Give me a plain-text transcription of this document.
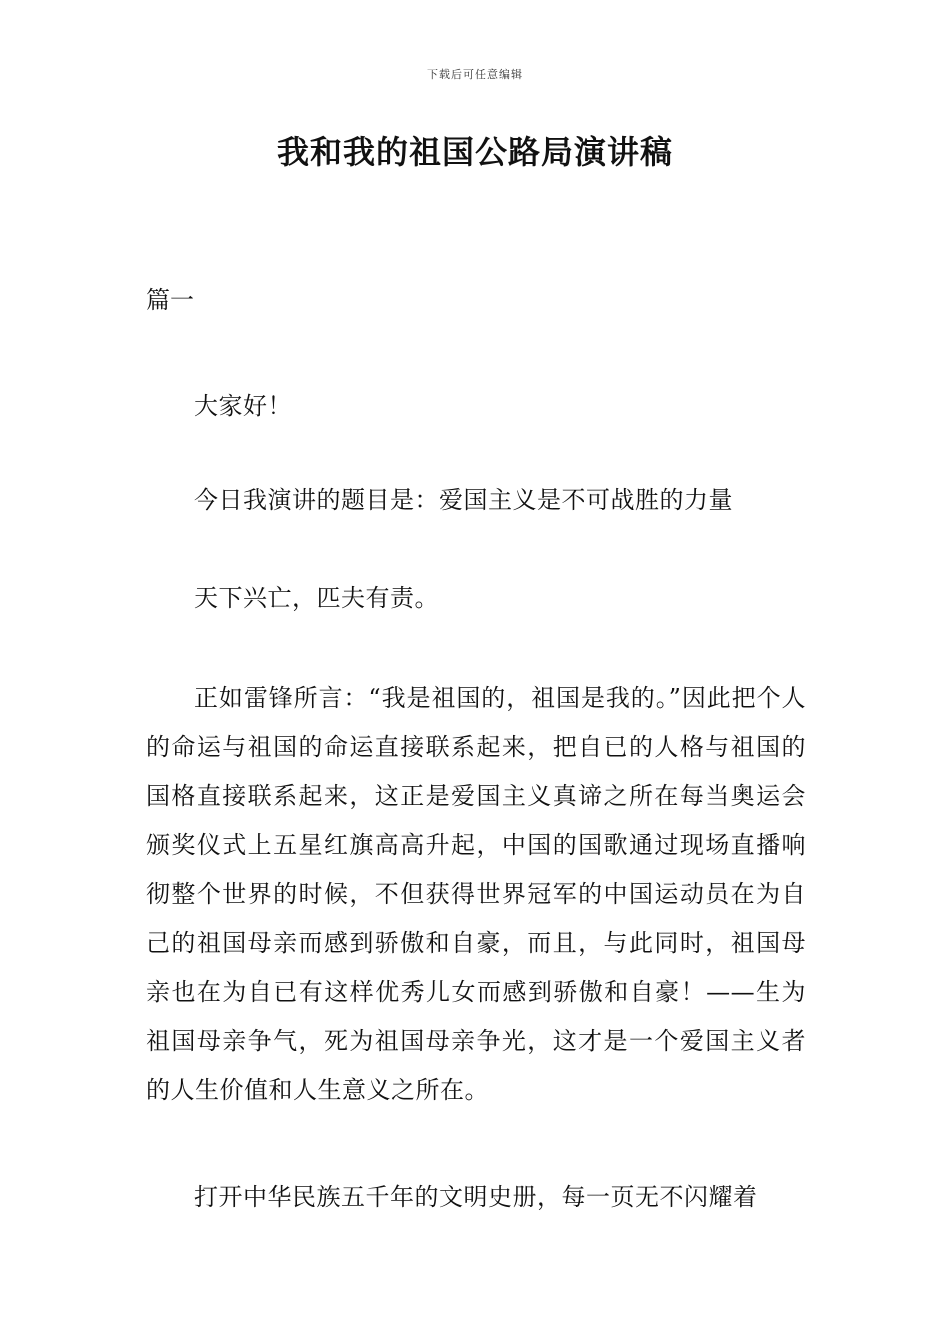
下载后可任意编辑
我和我的祖国公路局演讲稿
篇一

大家好！

今日我演讲的题目是：爱国主义是不可战胜的力量

天下兴亡，匹夫有责。

正如雷锋所言：“我是祖国的，祖国是我的。”因此把个人的命运与祖国的命运直接联系起来，把自已的人格与祖国的国格直接联系起来，这正是爱国主义真谛之所在每当奥运会颁奖仪式上五星红旗高高升起，中国的国歌通过现场直播响彻整个世界的时候，不但获得世界冠军的中国运动员在为自己的祖国母亲而感到骄傲和自豪，而且，与此同时，祖国母亲也在为自已有这样优秀儿女而感到骄傲和自豪！——生为祖国母亲争气，死为祖国母亲争光，这才是一个爱国主义者的人生价值和人生意义之所在。

打开中华民族五千年的文明史册，每一页无不闪耀着
